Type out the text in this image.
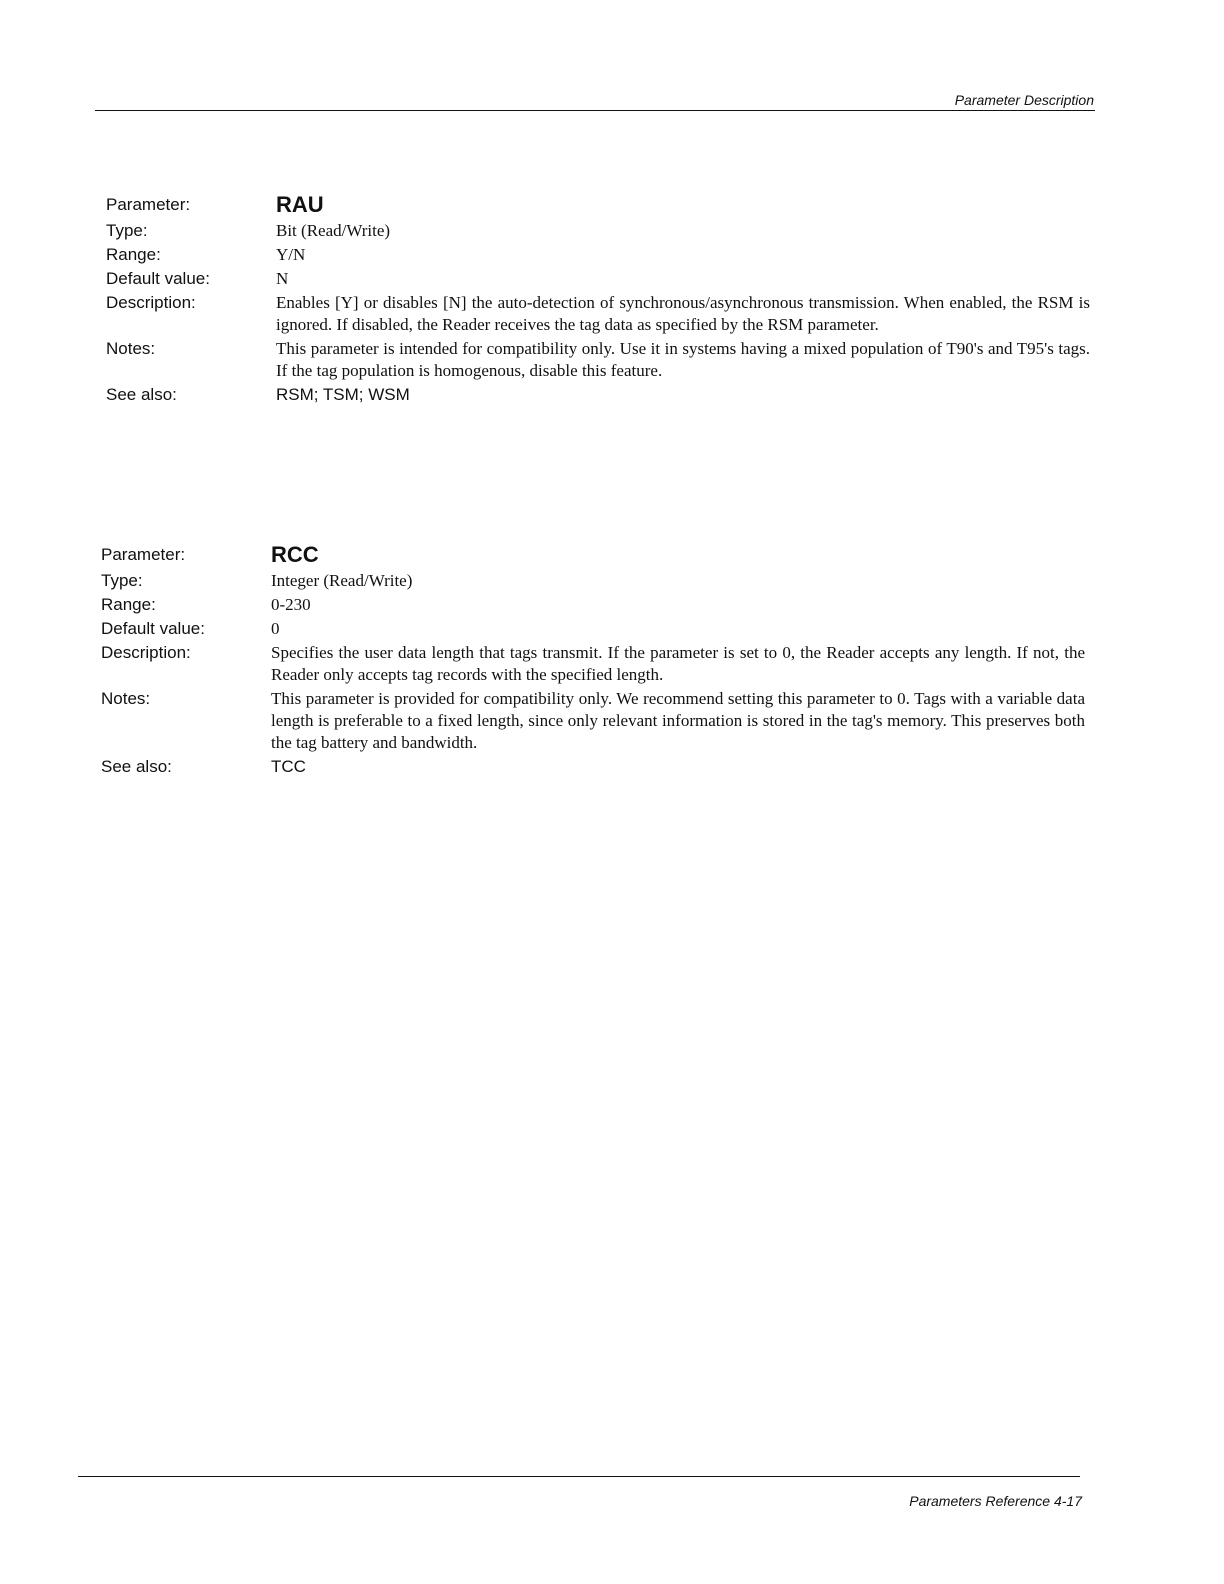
Parameter Description
Parameter:	RAU
Type:	Bit (Read/Write)
Range:	Y/N
Default value:	N
Description:	Enables [Y] or disables [N] the auto-detection of synchronous/asynchronous transmission. When enabled, the RSM is ignored. If disabled, the Reader receives the tag data as specified by the RSM parameter.
Notes:	This parameter is intended for compatibility only. Use it in systems having a mixed population of T90's and T95's tags. If the tag population is homogenous, disable this feature.
See also:	RSM; TSM; WSM
Parameter:	RCC
Type:	Integer (Read/Write)
Range:	0-230
Default value:	0
Description:	Specifies the user data length that tags transmit. If the parameter is set to 0, the Reader accepts any length. If not, the Reader only accepts tag records with the specified length.
Notes:	This parameter is provided for compatibility only. We recommend setting this parameter to 0. Tags with a variable data length is preferable to a fixed length, since only relevant information is stored in the tag's memory. This preserves both the tag battery and bandwidth.
See also:	TCC
Parameters Reference 4-17
